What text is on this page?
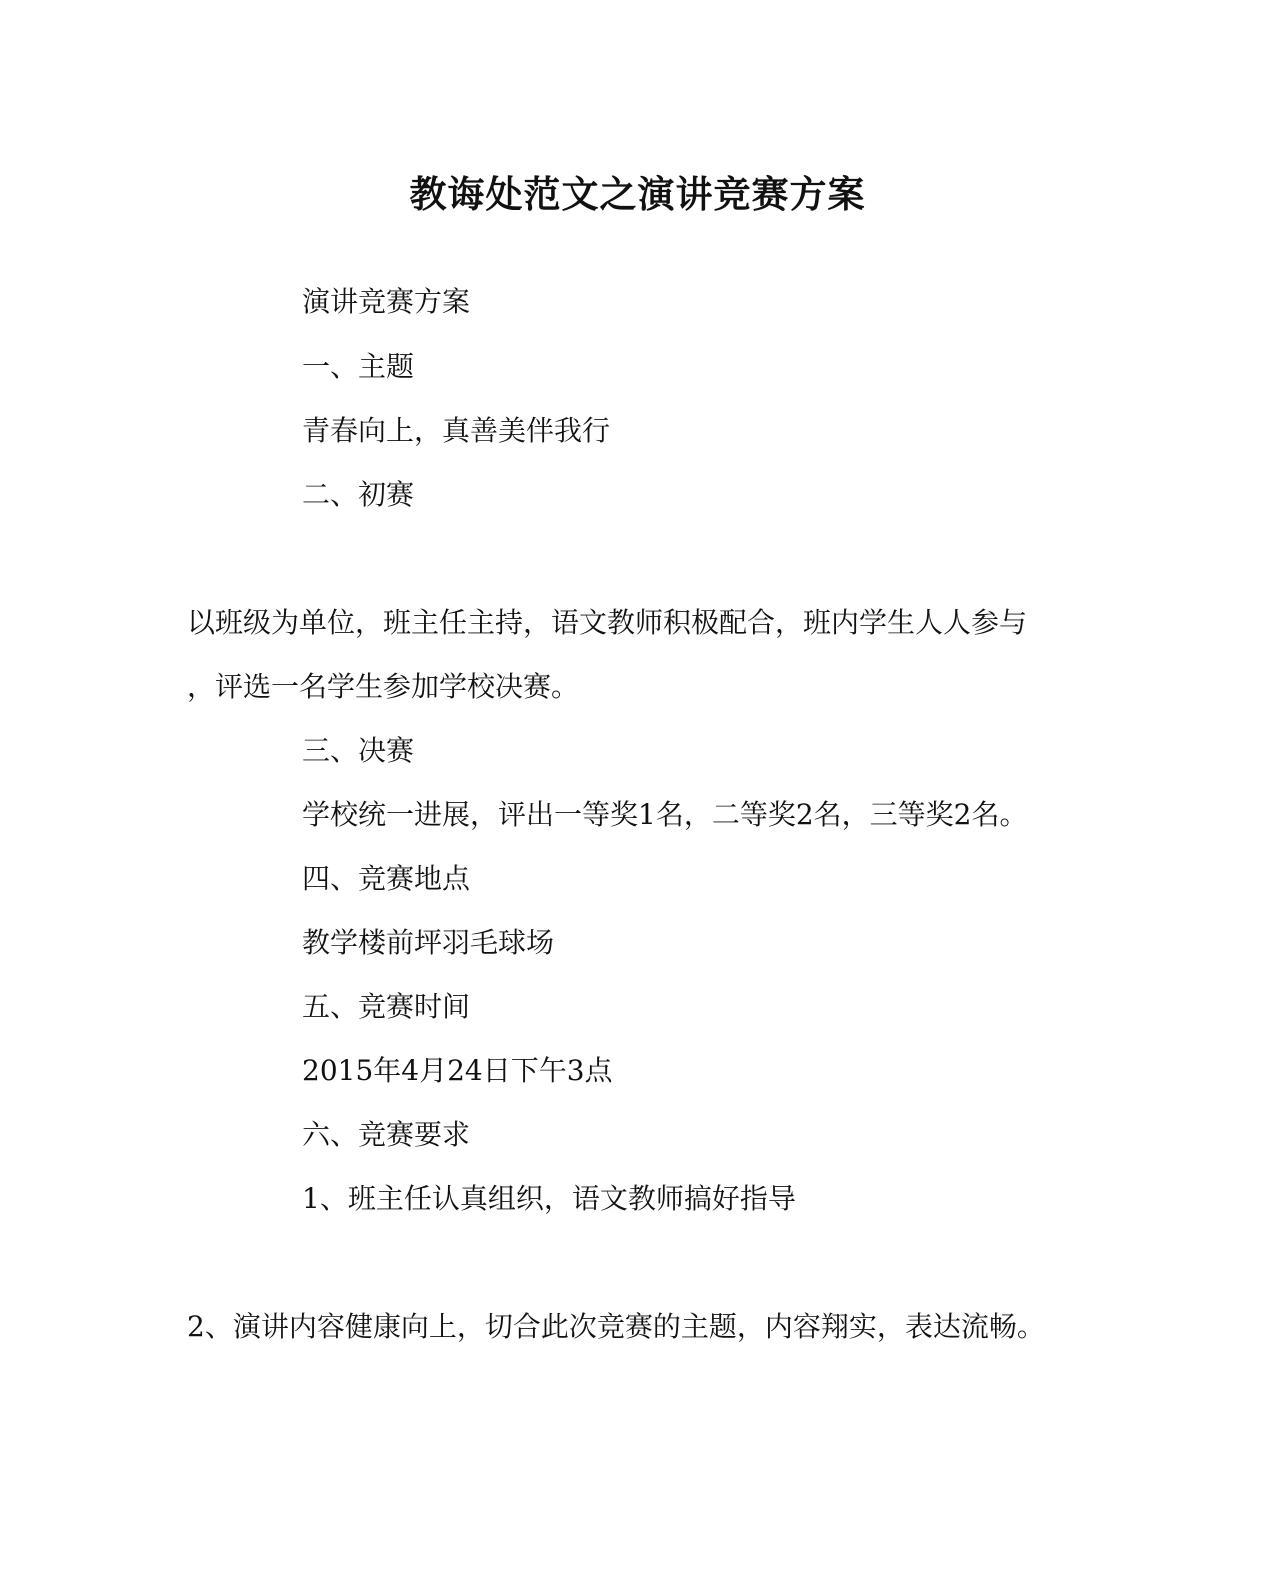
教诲处范文之演讲竞赛方案
演讲竞赛方案
一、主题
青春向上，真善美伴我行
二、初赛
以班级为单位，班主任主持，语文教师积极配合，班内学生人人参与
，评选一名学生参加学校决赛。
三、决赛
学校统一进展，评出一等奖1名，二等奖2名，三等奖2名。
四、竞赛地点
教学楼前坪羽毛球场
五、竞赛时间
2015年4月24日下午3点
六、竞赛要求
1、班主任认真组织，语文教师搞好指导
2、演讲内容健康向上，切合此次竞赛的主题，内容翔实，表达流畅。
